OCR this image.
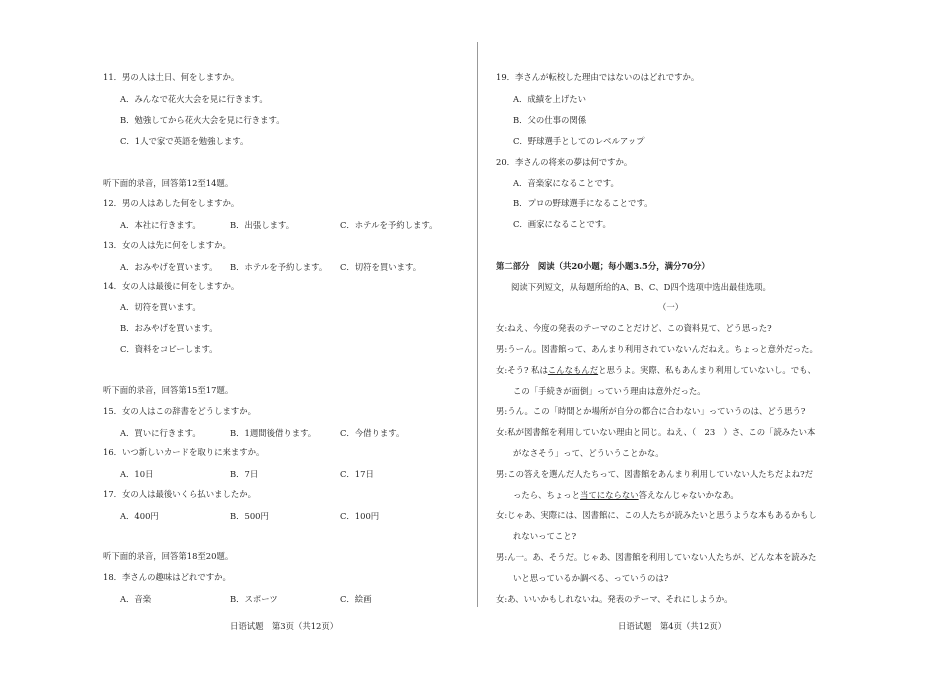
11．男の人は土日、何をしますか。
A．みんなで花火大会を見に行きます。
B．勉強してから花火大会を見に行きます。
C．1人で家で英語を勉強します。
听下面的录音，回答第12至14题。
12．男の人はあした何をしますか。
A．本社に行きます。	B．出張します。	C．ホテルを予約します。
13．女の人は先に何をしますか。
A．おみやげを買います。 B．ホテルを予約します。 C．切符を買います。
14．女の人は最後に何をしますか。
A．切符を買います。
B．おみやげを買います。
C．資料をコピーします。
听下面的录音，回答第15至17题。
15．女の人はこの辞書をどうしますか。
A．買いに行きます。	B．1週間後借ります。	C．今借ります。
16．いつ新しいカードを取りに来ますか。
A．10日	B．7日	C．17日
17．女の人は最後いくら払いましたか。
A．400円	B．500円	C．100円
听下面的录音，回答第18至20题。
18．李さんの趣味はどれですか。
A．音楽	B．スポーツ	C．絵画
日语试题　第3页（共12页）
19．李さんが転校した理由ではないのはどれですか。
A．成績を上げたい
B．父の仕事の関係
C．野球選手としてのレベルアップ
20．李さんの将来の夢は何ですか。
A．音楽家になることです。
B．プロの野球選手になることです。
C．画家になることです。
第二部分　阅读（共20小题；每小题3.5分，满分70分）
阅读下列短文，从每题所给的A、B、C、D四个选项中选出最佳选项。
（一）
女:ねえ、今度の発表のテーマのことだけど、この資料見て、どう思った?
男:うーん。図書館って、あんまり利用されていないんだねえ。ちょっと意外だった。
女:そう? 私はこんなもんだと思うよ。実際、私もあんまり利用していないし。でも、
この「手続きが面倒」っていう理由は意外だった。
男:うん。この「時間とか場所が自分の都合に合わない」っていうのは、どう思う?
女:私が図書館を利用していない理由と同じ。ねえ、（　23　）さ、この「読みたい本
がなさそう」って、どういうことかな。
男:この答えを選んだ人たちって、図書館をあんまり利用していない人たちだよね?だ
ったら、ちょっと当てにならない答えなんじゃないかなあ。
女:じゃあ、実際には、図書館に、この人たちが読みたいと思うような本もあるかもし
れないってこと?
男:ん一。あ、そうだ。じゃあ、図書館を利用していない人たちが、どんな本を読みた
いと思っているか調べる、っていうのは?
女:あ、いいかもしれないね。発表のテーマ、それにしようか。
日语试题　第4页（共12页）
